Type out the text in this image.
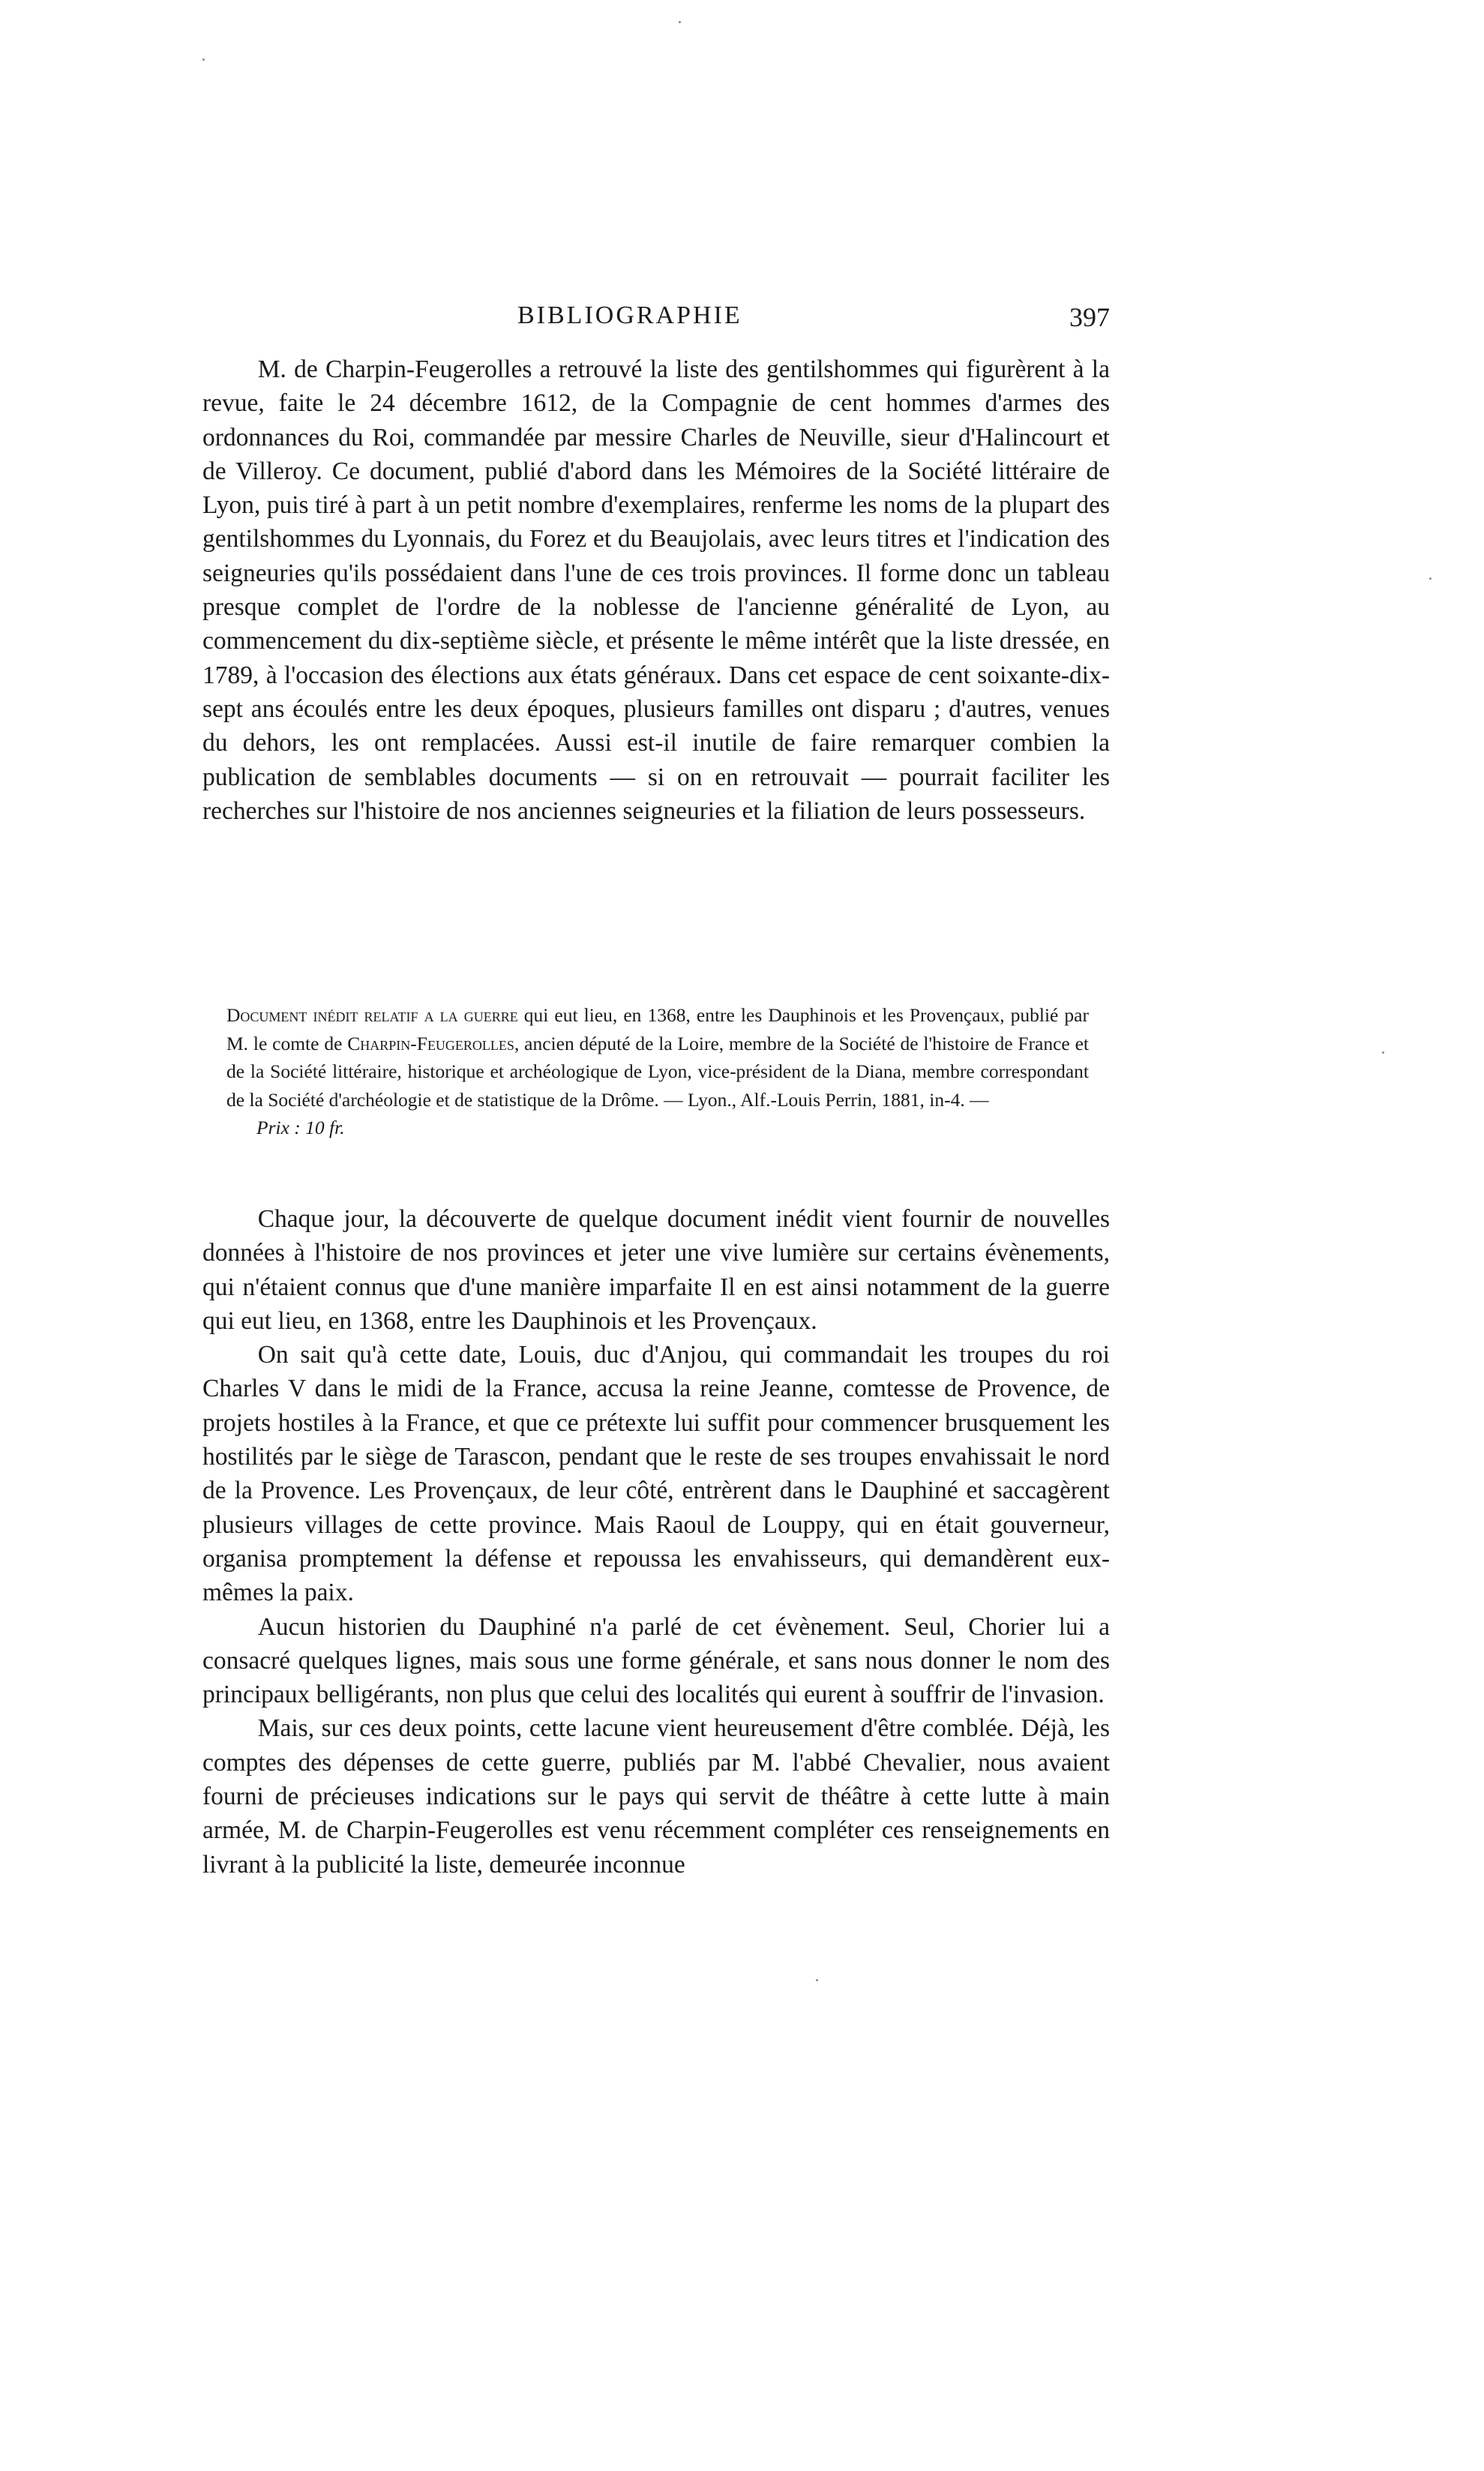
BIBLIOGRAPHIE	397

M. de Charpin-Feugerolles a retrouvé la liste des gentilshommes qui figurèrent à la revue, faite le 24 décembre 1612, de la Compagnie de cent hommes d'armes des ordonnances du Roi, commandée par messire Charles de Neuville, sieur d'Halincourt et de Villeroy. Ce document, publié d'abord dans les Mémoires de la Société littéraire de Lyon, puis tiré à part à un petit nombre d'exemplaires, renferme les noms de la plupart des gentilshommes du Lyonnais, du Forez et du Beaujolais, avec leurs titres et l'indication des seigneuries qu'ils possédaient dans l'une de ces trois provinces. Il forme donc un tableau presque complet de l'ordre de la noblesse de l'ancienne généralité de Lyon, au commencement du dix-septième siècle, et présente le même intérêt que la liste dressée, en 1789, à l'occasion des élections aux états généraux. Dans cet espace de cent soixante-dix-sept ans écoulés entre les deux époques, plusieurs familles ont disparu ; d'autres, venues du dehors, les ont remplacées. Aussi est-il inutile de faire remarquer combien la publication de semblables documents — si on en retrouvait — pourrait faciliter les recherches sur l'histoire de nos anciennes seigneuries et la filiation de leurs possesseurs.

Document inédit relatif a la guerre qui eut lieu, en 1368, entre les Dauphinois et les Provençaux, publié par M. le comte de Charpin-Feugerolles, ancien député de la Loire, membre de la Société de l'histoire de France et de la Société littéraire, historique et archéologique de Lyon, vice-président de la Diana, membre correspondant de la Société d'archéologie et de statistique de la Drôme. — Lyon., Alf.-Louis Perrin, 1881, in-4. —

Prix : 10 fr.

Chaque jour, la découverte de quelque document inédit vient fournir de nouvelles données à l'histoire de nos provinces et jeter une vive lumière sur certains évènements, qui n'étaient connus que d'une manière imparfaite Il en est ainsi notamment de la guerre qui eut lieu, en 1368, entre les Dauphinois et les Provençaux.

On sait qu'à cette date, Louis, duc d'Anjou, qui commandait les troupes du roi Charles V dans le midi de la France, accusa la reine Jeanne, comtesse de Provence, de projets hostiles à la France, et que ce prétexte lui suffit pour commencer brusquement les hostilités par le siège de Tarascon, pendant que le reste de ses troupes envahissait le nord de la Provence. Les Provençaux, de leur côté, entrèrent dans le Dauphiné et saccagèrent plusieurs villages de cette province. Mais Raoul de Louppy, qui en était gouverneur, organisa promptement la défense et repoussa les envahisseurs, qui demandèrent eux-mêmes la paix.

Aucun historien du Dauphiné n'a parlé de cet évènement. Seul, Chorier lui a consacré quelques lignes, mais sous une forme générale, et sans nous donner le nom des principaux belligérants, non plus que celui des localités qui eurent à souffrir de l'invasion.

Mais, sur ces deux points, cette lacune vient heureusement d'être comblée. Déjà, les comptes des dépenses de cette guerre, publiés par M. l'abbé Chevalier, nous avaient fourni de précieuses indications sur le pays qui servit de théâtre à cette lutte à main armée, M. de Charpin-Feugerolles est venu récemment compléter ces renseignements en livrant à la publicité la liste, demeurée inconnue
